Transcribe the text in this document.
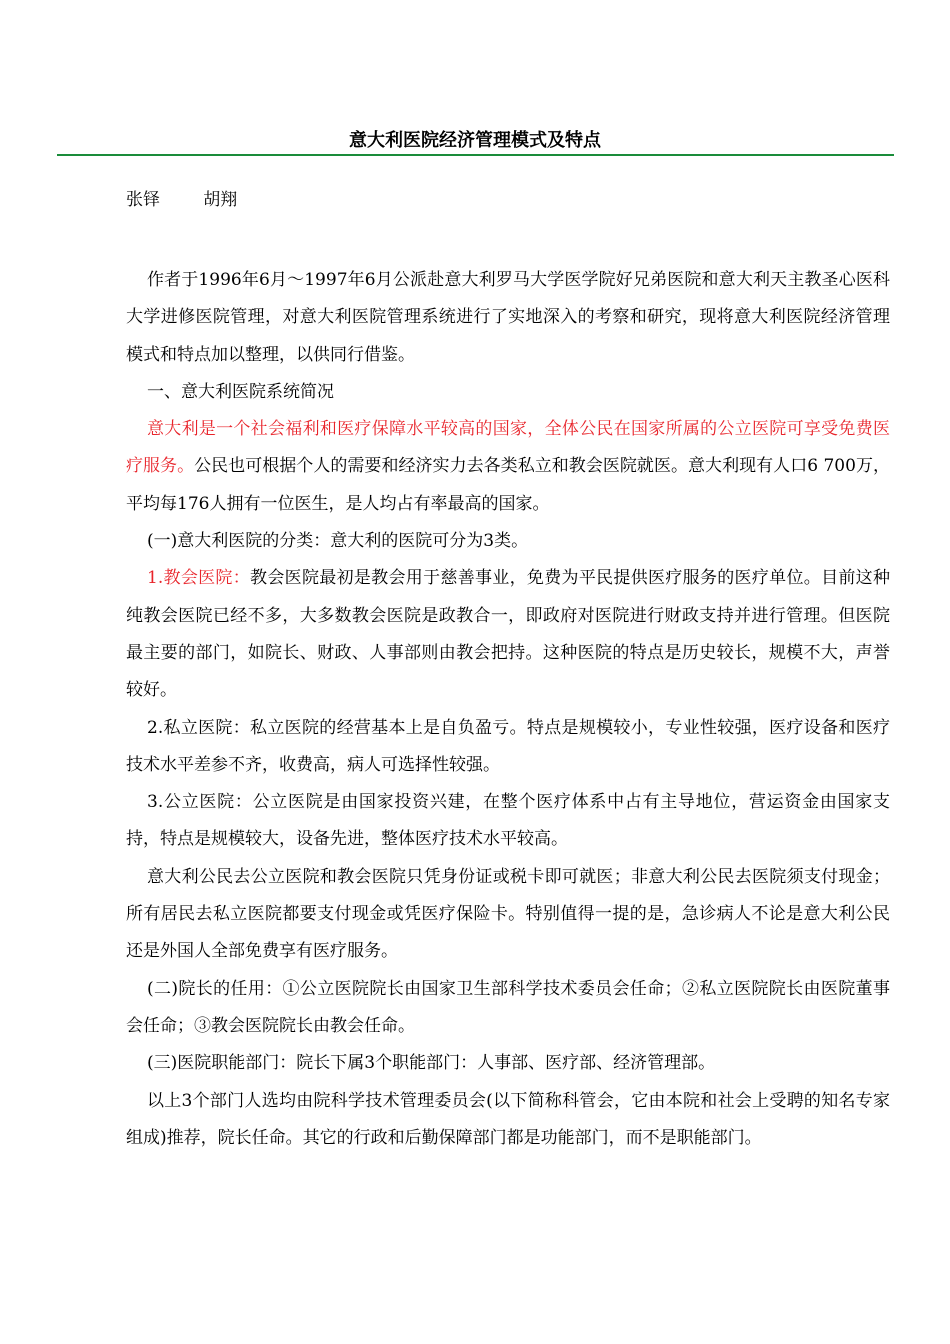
意大利医院经济管理模式及特点
张铎        胡翔

作者于1996年6月～1997年6月公派赴意大利罗马大学医学院好兄弟医院和意大利天主教圣心医科大学进修医院管理，对意大利医院管理系统进行了实地深入的考察和研究，现将意大利医院经济管理模式和特点加以整理，以供同行借鉴。

一、意大利医院系统简况

意大利是一个社会福利和医疗保障水平较高的国家，全体公民在国家所属的公立医院可享受免费医疗服务。公民也可根据个人的需要和经济实力去各类私立和教会医院就医。意大利现有人口6 700万，平均每176人拥有一位医生，是人均占有率最高的国家。

(一)意大利医院的分类：意大利的医院可分为3类。

1.教会医院：教会医院最初是教会用于慈善事业，免费为平民提供医疗服务的医疗单位。目前这种纯教会医院已经不多，大多数教会医院是政教合一，即政府对医院进行财政支持并进行管理。但医院最主要的部门，如院长、财政、人事部则由教会把持。这种医院的特点是历史较长，规模不大，声誉较好。

2.私立医院：私立医院的经营基本上是自负盈亏。特点是规模较小，专业性较强，医疗设备和医疗技术水平差参不齐，收费高，病人可选择性较强。

3.公立医院：公立医院是由国家投资兴建，在整个医疗体系中占有主导地位，营运资金由国家支持，特点是规模较大，设备先进，整体医疗技术水平较高。

意大利公民去公立医院和教会医院只凭身份证或税卡即可就医；非意大利公民去医院须支付现金；所有居民去私立医院都要支付现金或凭医疗保险卡。特别值得一提的是，急诊病人不论是意大利公民还是外国人全部免费享有医疗服务。

(二)院长的任用：①公立医院院长由国家卫生部科学技术委员会任命；②私立医院院长由医院董事会任命；③教会医院院长由教会任命。

(三)医院职能部门：院长下属3个职能部门：人事部、医疗部、经济管理部。

以上3个部门人选均由院科学技术管理委员会(以下简称科管会，它由本院和社会上受聘的知名专家组成)推荐，院长任命。其它的行政和后勤保障部门都是功能部门，而不是职能部门。
